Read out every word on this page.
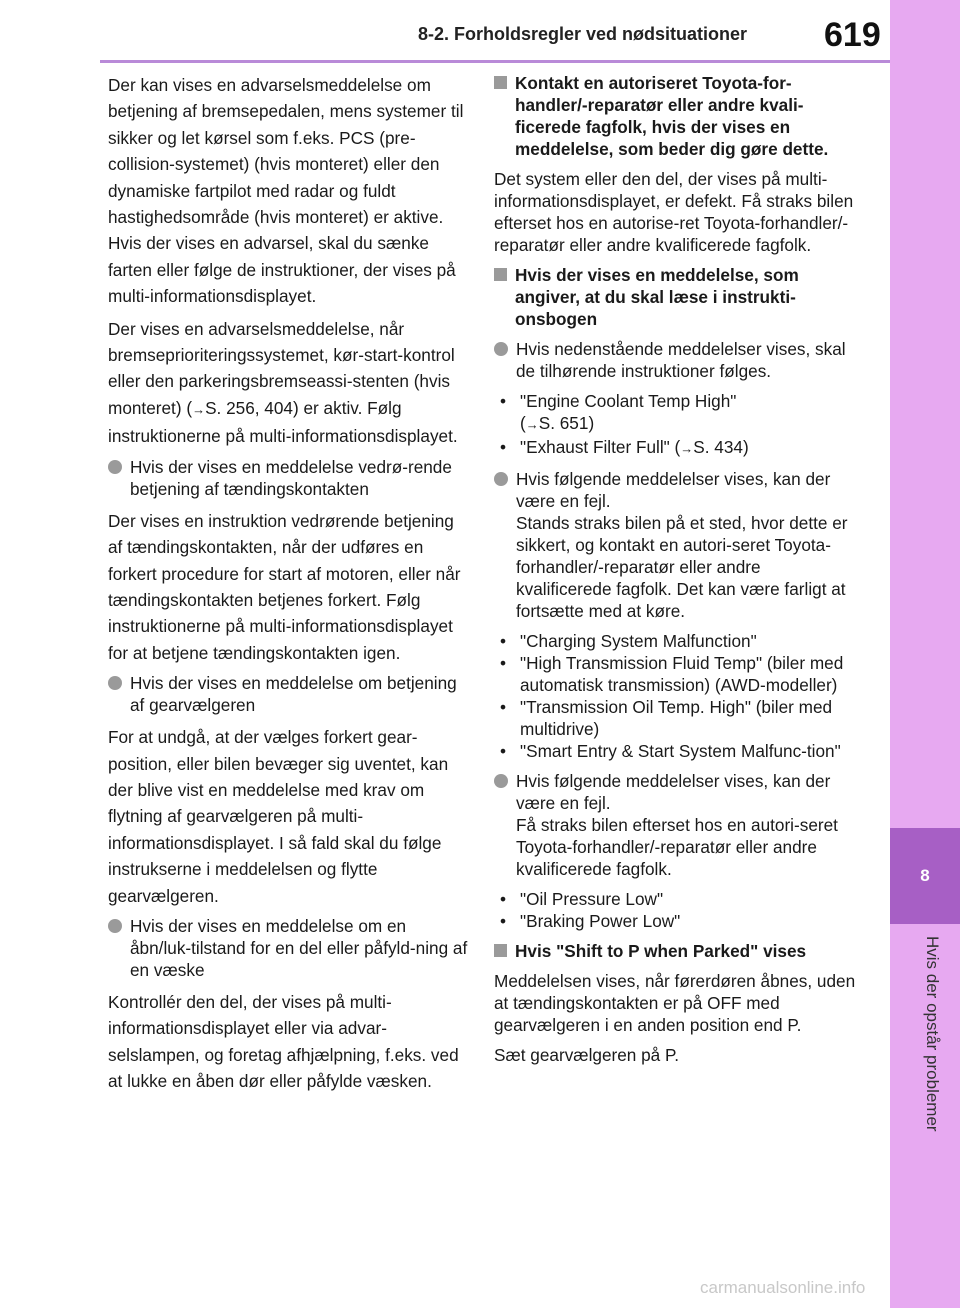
8-2. Forholdsregler ved nødsituationer 619
8
Hvis der opstår problemer

Der kan vises en advarselsmeddelelse om betjening af bremsepedalen, mens systemer til sikker og let kørsel som f.eks. PCS (pre-collision-systemet) (hvis monteret) eller den dynamiske fartpilot med radar og fuldt hastighedsområde (hvis monteret) er aktive. Hvis der vises en advarsel, skal du sænke farten eller følge de instruktioner, der vises på multi-informationsdisplayet.

Der vises en advarselsmeddelelse, når bremseprioriteringssystemet, kør-start-kontrol eller den parkeringsbremseassi-stenten (hvis monteret) (→S. 256, 404) er aktiv. Følg instruktionerne på multi-informationsdisplayet.

Hvis der vises en meddelelse vedrø-rende betjening af tændingskontakten

Der vises en instruktion vedrørende betjening af tændingskontakten, når der udføres en forkert procedure for start af motoren, eller når tændingskontakten betjenes forkert. Følg instruktionerne på multi-informationsdisplayet for at betjene tændingskontakten igen.

Hvis der vises en meddelelse om betjening af gearvælgeren

For at undgå, at der vælges forkert gear-position, eller bilen bevæger sig uventet, kan der blive vist en meddelelse med krav om flytning af gearvælgeren på multi-informationsdisplayet. I så fald skal du følge instrukserne i meddelelsen og flytte gearvælgeren.

Hvis der vises en meddelelse om en åbn/luk-tilstand for en del eller påfyld-ning af en væske

Kontrollér den del, der vises på multi-informationsdisplayet eller via advar-selslampen, og foretag afhjælpning, f.eks. ved at lukke en åben dør eller påfylde væsken.

Kontakt en autoriseret Toyota-for-handler/-reparatør eller andre kvali-ficerede fagfolk, hvis der vises en meddelelse, som beder dig gøre dette.

Det system eller den del, der vises på multi-informationsdisplayet, er defekt. Få straks bilen efterset hos en autorise-ret Toyota-forhandler/-reparatør eller andre kvalificerede fagfolk.

Hvis der vises en meddelelse, som angiver, at du skal læse i instrukti-onsbogen
Hvis nedenstående meddelelser vises, skal de tilhørende instruktioner følges.
• "Engine Coolant Temp High"
(→S. 651)
• "Exhaust Filter Full" (→S. 434)
Hvis følgende meddelelser vises, kan der være en fejl.
Stands straks bilen på et sted, hvor dette er sikkert, og kontakt en autori-seret Toyota-forhandler/-reparatør eller andre kvalificerede fagfolk. Det kan være farligt at fortsætte med at køre.
• "Charging System Malfunction"
• "High Transmission Fluid Temp" (biler med automatisk transmission) (AWD-modeller)
• "Transmission Oil Temp. High" (biler med multidrive)
• "Smart Entry & Start System Malfunc-tion"
Hvis følgende meddelelser vises, kan der være en fejl.
Få straks bilen efterset hos en autori-seret Toyota-forhandler/-reparatør eller andre kvalificerede fagfolk.
• "Oil Pressure Low"
• "Braking Power Low"
Hvis "Shift to P when Parked" vises

Meddelelsen vises, når førerdøren åbnes, uden at tændingskontakten er på OFF med gearvælgeren i en anden position end P.

Sæt gearvælgeren på P.

carmanualsonline.info
